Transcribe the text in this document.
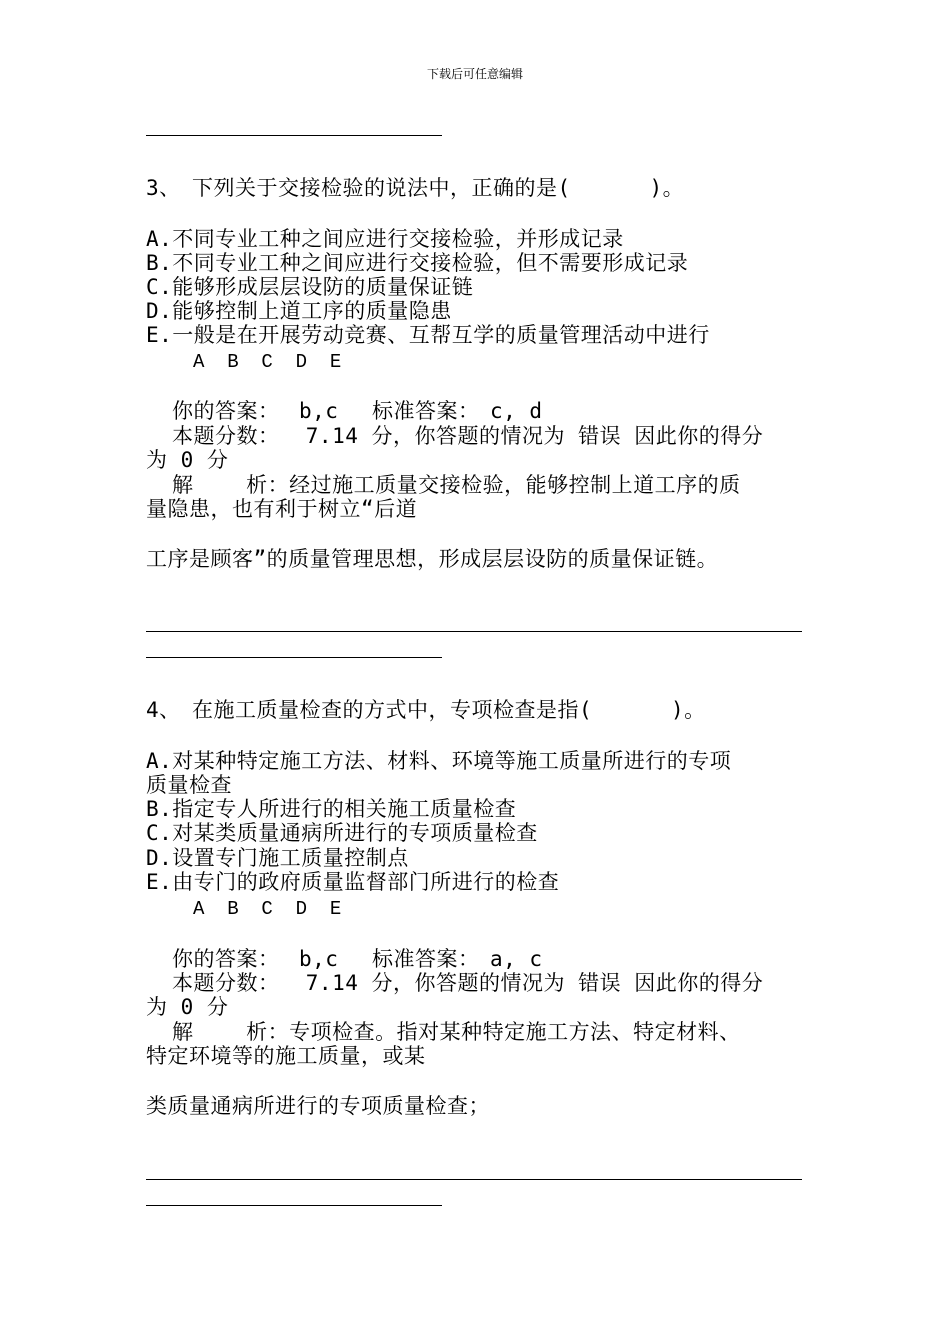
下载后可任意编辑
3、 下列关于交接检验的说法中，正确的是(      )。
A.不同专业工种之间应进行交接检验，并形成记录
B.不同专业工种之间应进行交接检验，但不需要形成记录
C.能够形成层层设防的质量保证链
D.能够控制上道工序的质量隐患
E.一般是在开展劳动竞赛、互帮互学的质量管理活动中进行
A  B  C  D  E
你的答案： b,c 标准答案： c, d
本题分数：  7.14 分，你答题的情况为 错误 因此你的得分
为 0 分
解    析：经过施工质量交接检验，能够控制上道工序的质
量隐患，也有利于树立“后道
工序是顾客”的质量管理思想，形成层层设防的质量保证链。
4、 在施工质量检查的方式中，专项检查是指(      )。
A.对某种特定施工方法、材料、环境等施工质量所进行的专项
质量检查
B.指定专人所进行的相关施工质量检查
C.对某类质量通病所进行的专项质量检查
D.设置专门施工质量控制点
E.由专门的政府质量监督部门所进行的检查
A  B  C  D  E
你的答案： b,c 标准答案： a, c
本题分数：  7.14 分，你答题的情况为 错误 因此你的得分
为 0 分
解    析：专项检查。指对某种特定施工方法、特定材料、
特定环境等的施工质量，或某
类质量通病所进行的专项质量检查；
